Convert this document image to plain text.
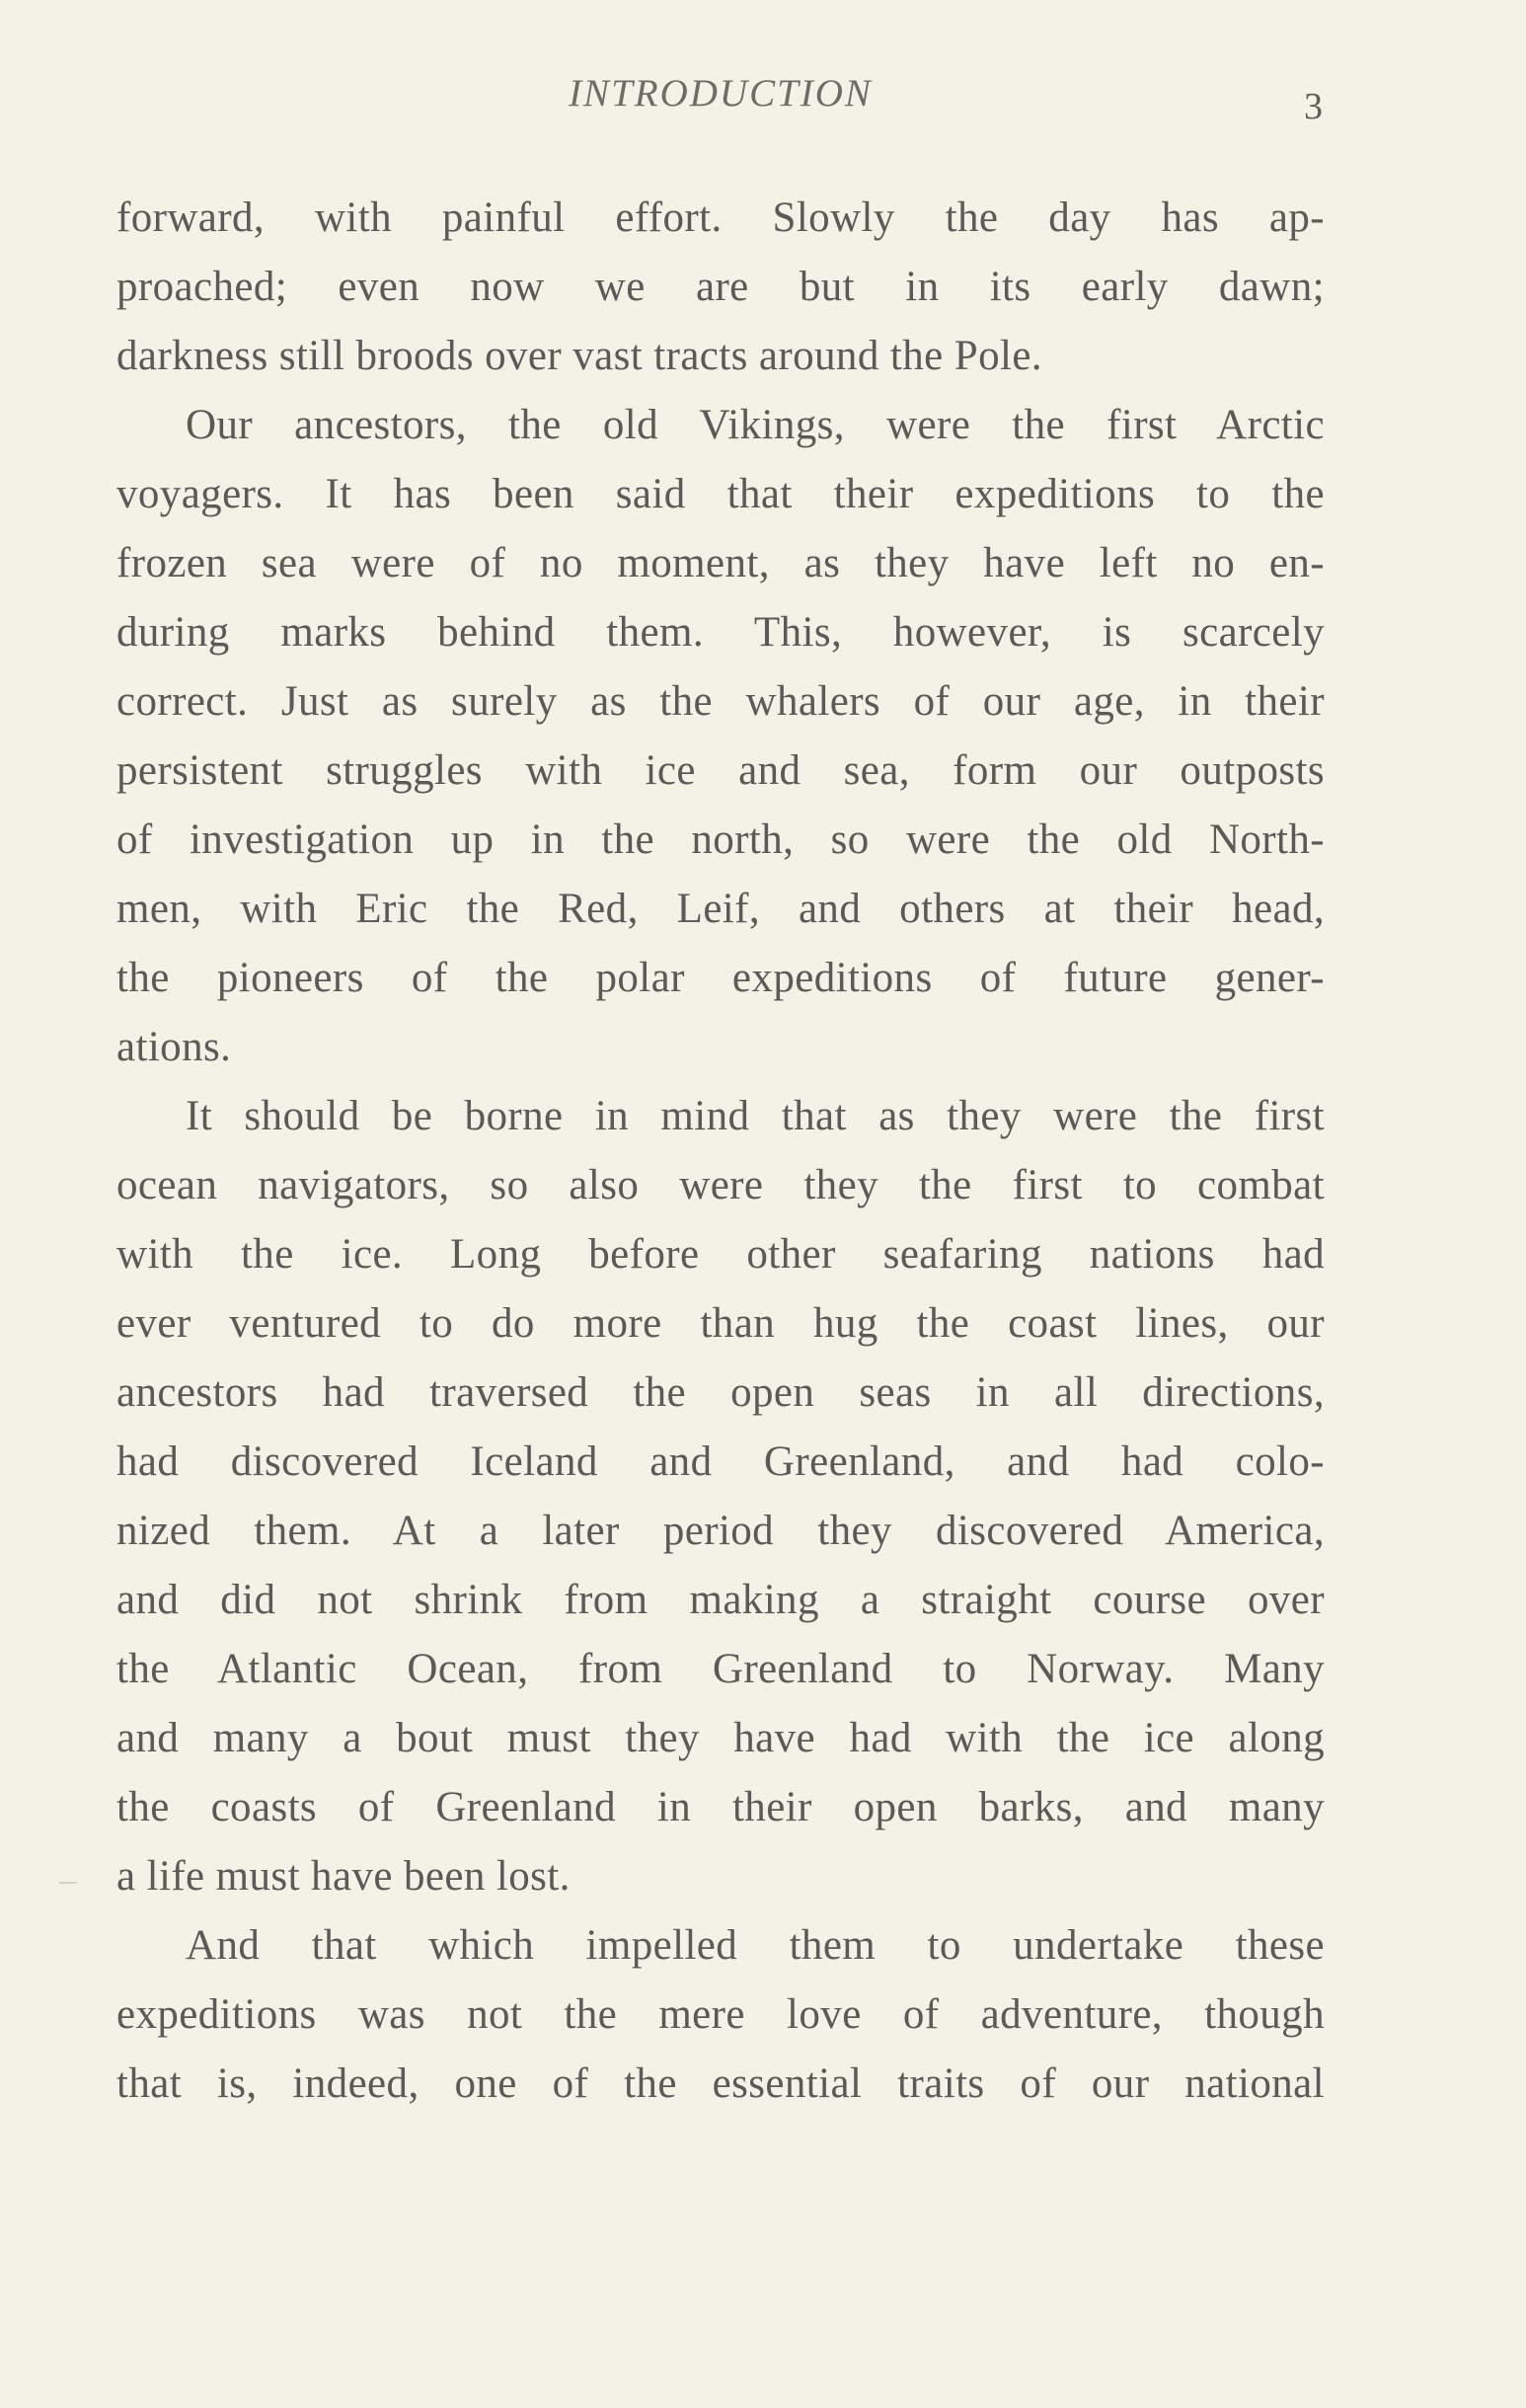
INTRODUCTION	3
forward, with painful effort. Slowly the day has ap-
proached; even now we are but in its early dawn;
darkness still broods over vast tracts around the Pole.
Our ancestors, the old Vikings, were the first Arctic
voyagers. It has been said that their expeditions to the
frozen sea were of no moment, as they have left no en-
during marks behind them. This, however, is scarcely
correct. Just as surely as the whalers of our age, in their
persistent struggles with ice and sea, form our outposts
of investigation up in the north, so were the old North-
men, with Eric the Red, Leif, and others at their head,
the pioneers of the polar expeditions of future gener-
ations.
It should be borne in mind that as they were the first
ocean navigators, so also were they the first to combat
with the ice. Long before other seafaring nations had
ever ventured to do more than hug the coast lines, our
ancestors had traversed the open seas in all directions,
had discovered Iceland and Greenland, and had colo-
nized them. At a later period they discovered America,
and did not shrink from making a straight course over
the Atlantic Ocean, from Greenland to Norway. Many
and many a bout must they have had with the ice along
the coasts of Greenland in their open barks, and many
a life must have been lost.
And that which impelled them to undertake these
expeditions was not the mere love of adventure, though
that is, indeed, one of the essential traits of our national
